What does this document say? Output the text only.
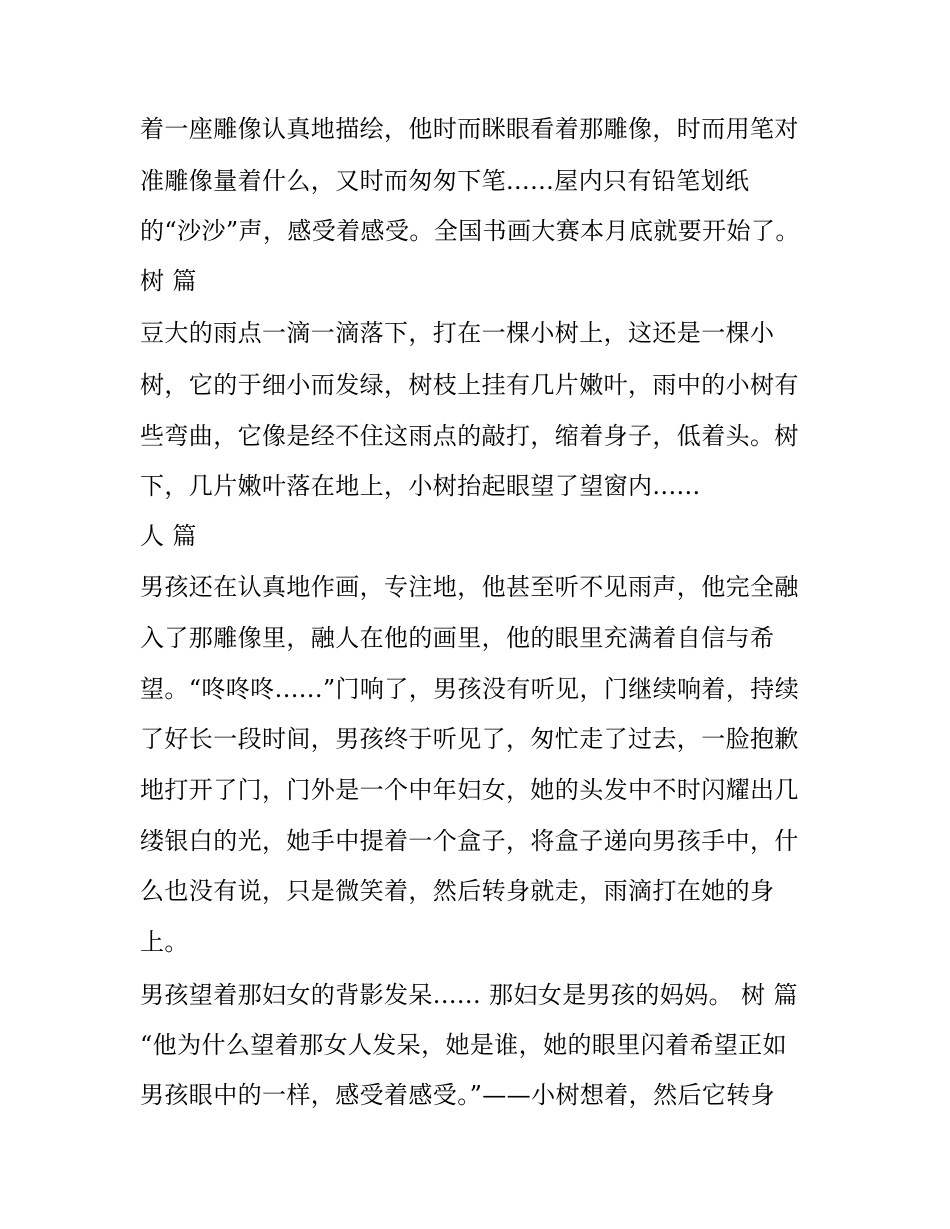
着一座雕像认真地描绘，他时而眯眼看着那雕像，时而用笔对
准雕像量着什么，又时而匆匆下笔......屋内只有铅笔划纸
的“沙沙”声，感受着感受。全国书画大赛本月底就要开始了。
树 篇
豆大的雨点一滴一滴落下，打在一棵小树上，这还是一棵小
树，它的于细小而发绿，树枝上挂有几片嫩叶，雨中的小树有
些弯曲，它像是经不住这雨点的敲打，缩着身子，低着头。树
下，几片嫩叶落在地上，小树抬起眼望了望窗内......
人 篇
男孩还在认真地作画，专注地，他甚至听不见雨声，他完全融
入了那雕像里，融人在他的画里，他的眼里充满着自信与希
望。“咚咚咚......”门响了，男孩没有听见，门继续响着，持续
了好长一段时间，男孩终于听见了，匆忙走了过去，一脸抱歉
地打开了门，门外是一个中年妇女，她的头发中不时闪耀出几
缕银白的光，她手中提着一个盒子，将盒子递向男孩手中，什
么也没有说，只是微笑着，然后转身就走，雨滴打在她的身
上。
男孩望着那妇女的背影发呆...... 那妇女是男孩的妈妈。 树 篇
“他为什么望着那女人发呆，她是谁，她的眼里闪着希望正如
男孩眼中的一样，感受着感受。”——小树想着，然后它转身
